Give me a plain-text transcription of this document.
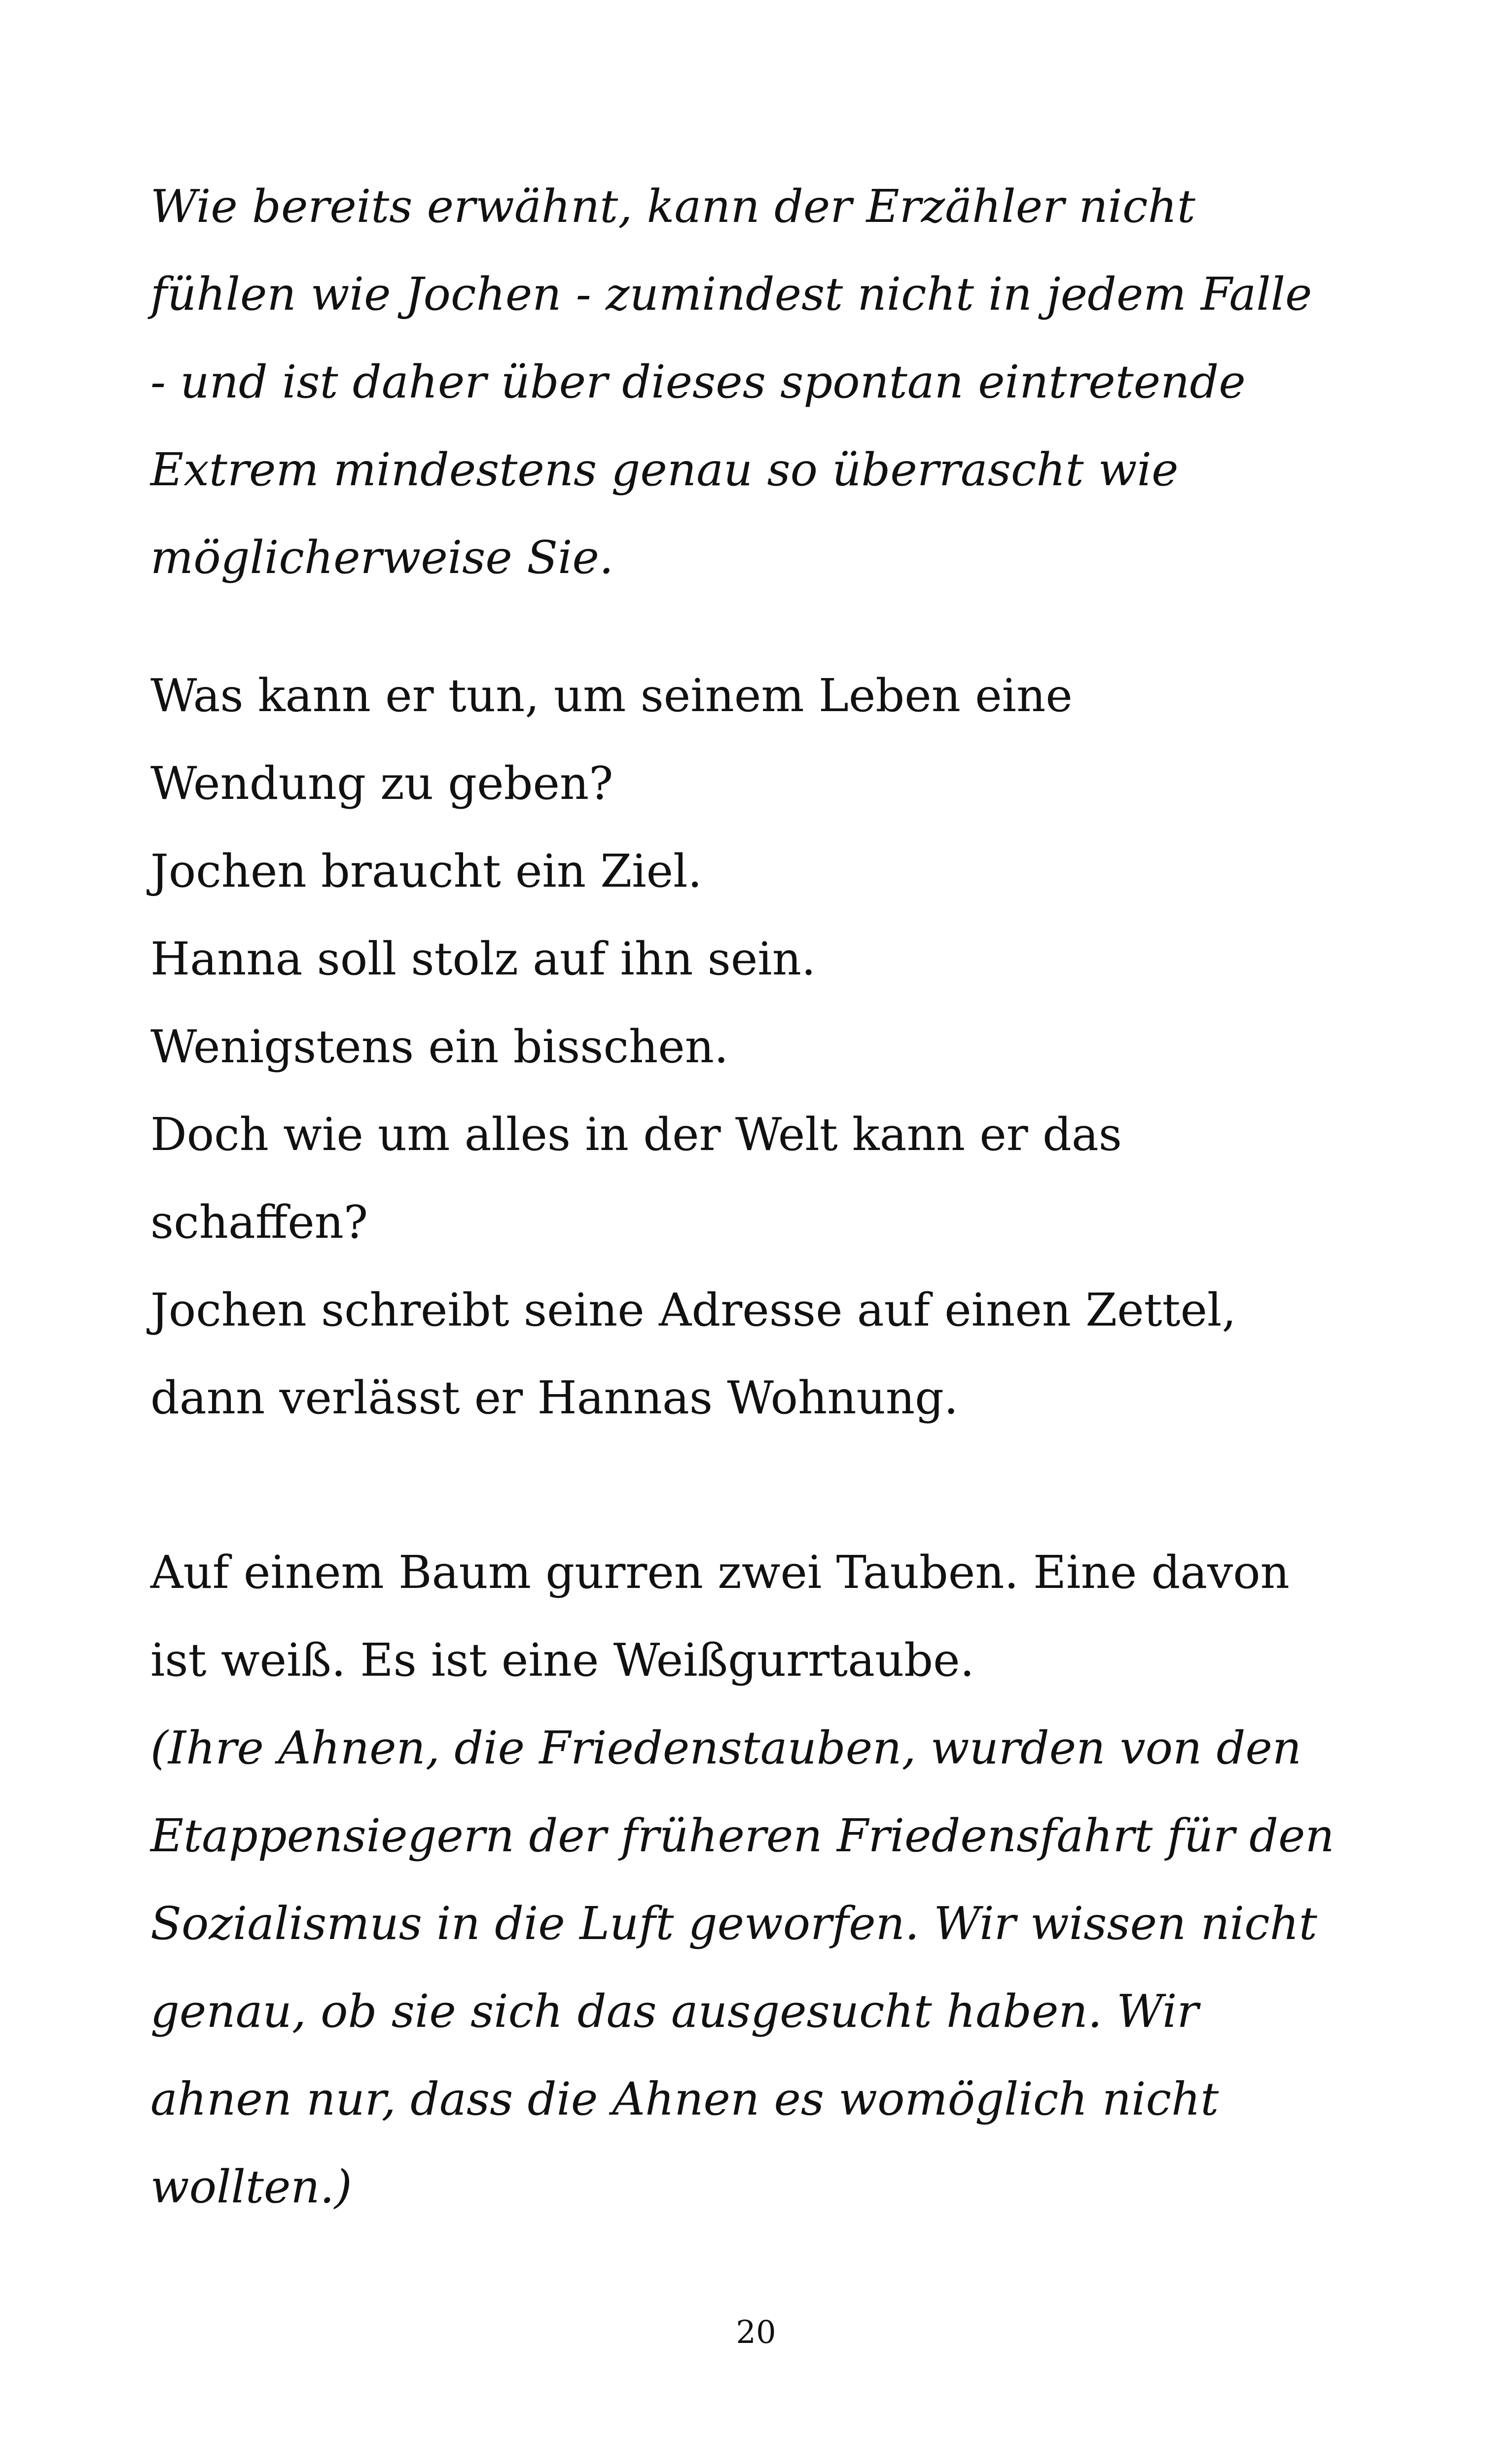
Wie bereits erwähnt, kann der Erzähler nicht
fühlen wie Jochen - zumindest nicht in jedem Falle
- und ist daher über dieses spontan eintretende
Extrem mindestens genau so überrascht wie
möglicherweise Sie.
Was kann er tun, um seinem Leben eine
Wendung zu geben?
Jochen braucht ein Ziel.
Hanna soll stolz auf ihn sein.
Wenigstens ein bisschen.
Doch wie um alles in der Welt kann er das
schaffen?
Jochen schreibt seine Adresse auf einen Zettel,
dann verlässt er Hannas Wohnung.
Auf einem Baum gurren zwei Tauben. Eine davon
ist weiß. Es ist eine Weißgurrtaube.
(Ihre Ahnen, die Friedenstauben, wurden von den
Etappensiegern der früheren Friedensfahrt für den
Sozialismus in die Luft geworfen. Wir wissen nicht
genau, ob sie sich das ausgesucht haben. Wir
ahnen nur, dass die Ahnen es womöglich nicht
wollten.)
20
